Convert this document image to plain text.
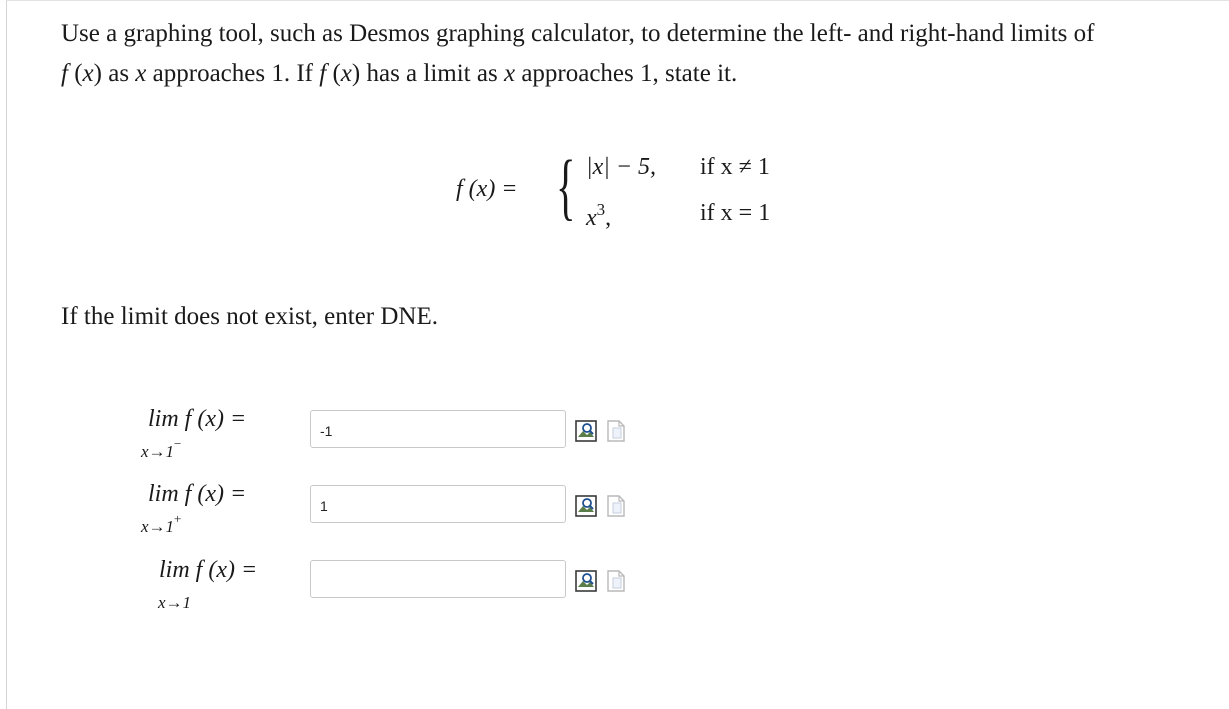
Use a graphing tool, such as Desmos graphing calculator, to determine the left- and right-hand limits of
f (x) as x approaches 1. If f (x) has a limit as x approaches 1, state it.
f (x) = { |x| − 5, if x ≠ 1
$x^3$,	if x = 1
If the limit does not exist, enter DNE.
lim f (x) =
x→1−
-1
lim f (x) =
x→1+
1
lim f (x) =
x→1
